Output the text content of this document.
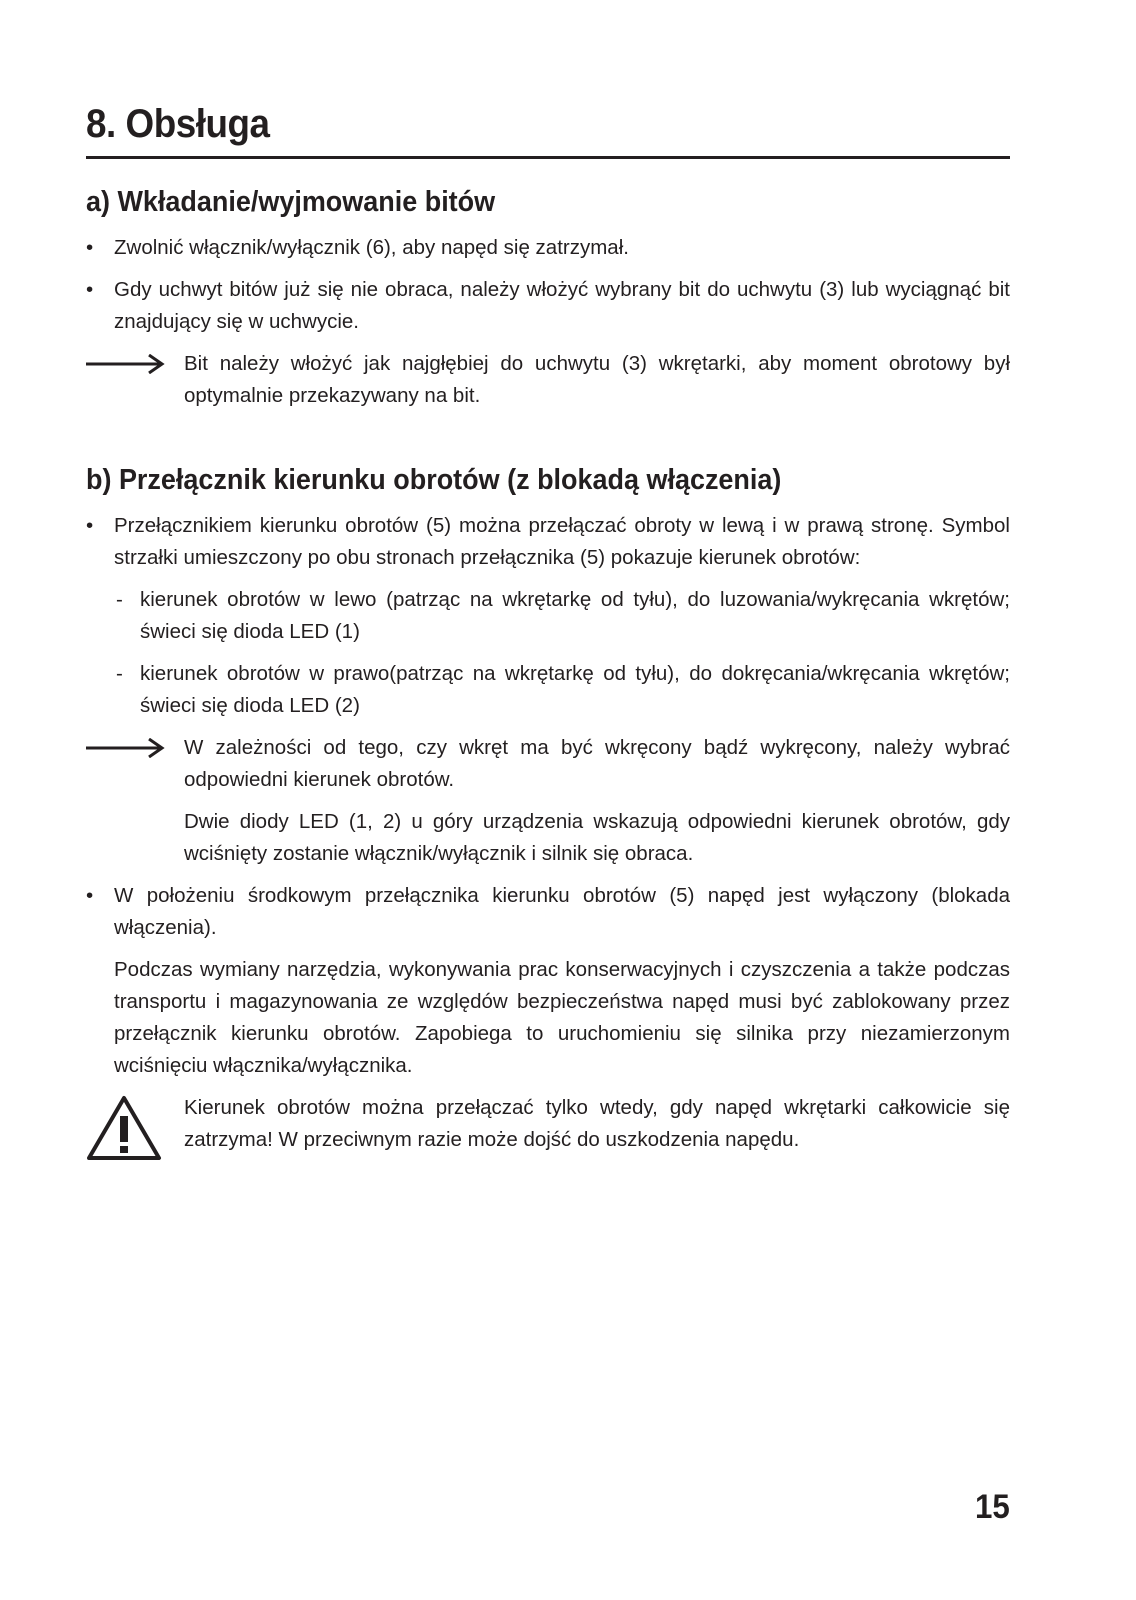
8. Obsługa
a) Wkładanie/wyjmowanie bitów
• Zwolnić włącznik/wyłącznik (6), aby napęd się zatrzymał.
• Gdy uchwyt bitów już się nie obraca, należy włożyć wybrany bit do uchwytu (3) lub wyciągnąć bit znajdujący się w uchwycie.
Bit należy włożyć jak najgłębiej do uchwytu (3) wkrętarki, aby moment obrotowy był optymalnie przekazywany na bit.
b) Przełącznik kierunku obrotów (z blokadą włączenia)
• Przełącznikiem kierunku obrotów (5) można przełączać obroty w lewą i w prawą stronę. Symbol strzałki umieszczony po obu stronach przełącznika (5) pokazuje kierunek obrotów:
- kierunek obrotów w lewo (patrząc na wkrętarkę od tyłu), do luzowania/wykręcania wkrętów; świeci się dioda LED (1)
- kierunek obrotów w prawo(patrząc na wkrętarkę od tyłu), do dokręcania/wkręcania wkrętów; świeci się dioda LED (2)
W zależności od tego, czy wkręt ma być wkręcony bądź wykręcony, należy wybrać odpowiedni kierunek obrotów.
Dwie diody LED (1, 2) u góry urządzenia wskazują odpowiedni kierunek obrotów, gdy wciśnięty zostanie włącznik/wyłącznik i silnik się obraca.
• W położeniu środkowym przełącznika kierunku obrotów (5) napęd jest wyłączony (blokada włączenia).
Podczas wymiany narzędzia, wykonywania prac konserwacyjnych i czyszczenia a także podczas transportu i magazynowania ze względów bezpieczeństwa napęd musi być zablokowany przez przełącznik kierunku obrotów. Zapobiega to uruchomieniu się silnika przy niezamierzonym wciśnięciu włącznika/wyłącznika.
Kierunek obrotów można przełączać tylko wtedy, gdy napęd wkrętarki całkowicie się zatrzyma! W przeciwnym razie może dojść do uszkodzenia napędu.
15
